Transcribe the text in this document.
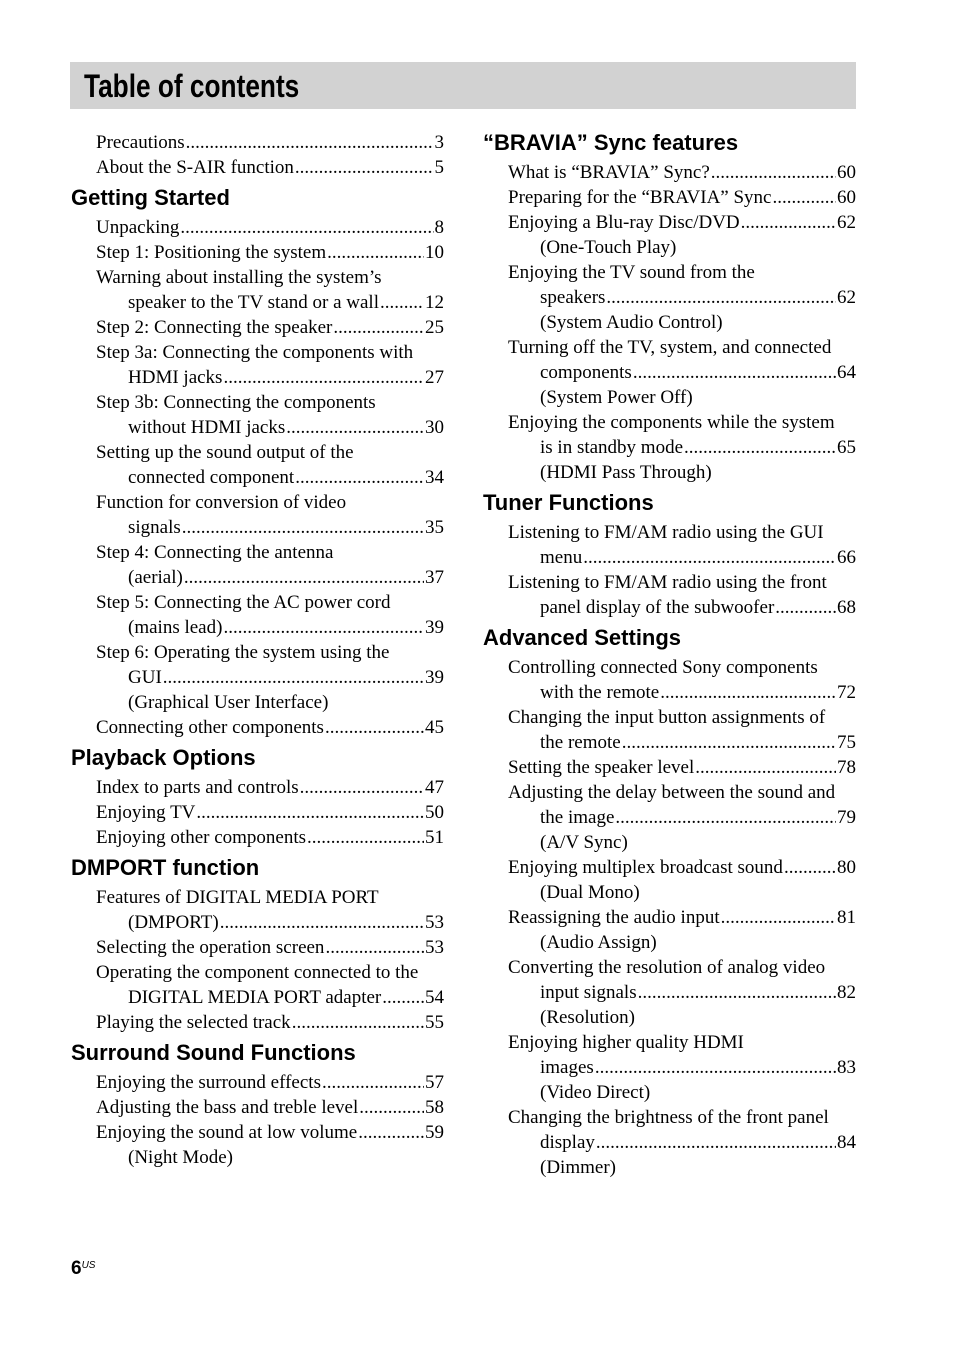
Table of contents
Precautions .....	3
About the S-AIR function .....	5
Getting Started
Unpacking .....	8
Step 1: Positioning the system .....	10
Warning about installing the system’s
speaker to the TV stand or a wall ..... 12
Step 2: Connecting the speaker .....	25
Step 3a: Connecting the components with
HDMI jacks .....	27
Step 3b: Connecting the components
without HDMI jacks .....	30
Setting up the sound output of the
connected component .....	34
Function for conversion of video
signals .....	35
Step 4: Connecting the antenna
(aerial) .....	37
Step 5: Connecting the AC power cord
(mains lead) .....	39
Step 6: Operating the system using the
GUI .....	39
(Graphical User Interface)
Connecting other components .....	45
Playback Options
Index to parts and controls .....	47
Enjoying TV .....	50
Enjoying other components .....	51
DMPORT function
Features of DIGITAL MEDIA PORT
(DMPORT) .....	53
Selecting the operation screen .....	53
Operating the component connected to the
DIGITAL MEDIA PORT adapter ..... 54
Playing the selected track .....	55
Surround Sound Functions
Enjoying the surround effects .....	57
Adjusting the bass and treble level .....	58
Enjoying the sound at low volume .....	59
(Night Mode)
“BRAVIA” Sync features
What is “BRAVIA” Sync? .....	60
Preparing for the “BRAVIA” Sync .....	60
Enjoying a Blu-ray Disc/DVD .....	62
(One-Touch Play)
Enjoying the TV sound from the
speakers .....	62
(System Audio Control)
Turning off the TV, system, and connected
components .....	64
(System Power Off)
Enjoying the components while the system
is in standby mode .....	65
(HDMI Pass Through)
Tuner Functions
Listening to FM/AM radio using the GUI
menu .....	66
Listening to FM/AM radio using the front
panel display of the subwoofer .....	68
Advanced Settings
Controlling connected Sony components
with the remote .....	72
Changing the input button assignments of
the remote .....	75
Setting the speaker level .....	78
Adjusting the delay between the sound and
the image .....	79
(A/V Sync)
Enjoying multiplex broadcast sound .....	80
(Dual Mono)
Reassigning the audio input .....	81
(Audio Assign)
Converting the resolution of analog video
input signals .....	82
(Resolution)
Enjoying higher quality HDMI
images .....	83
(Video Direct)
Changing the brightness of the front panel
display .....	84
(Dimmer)
$6^{US}$
